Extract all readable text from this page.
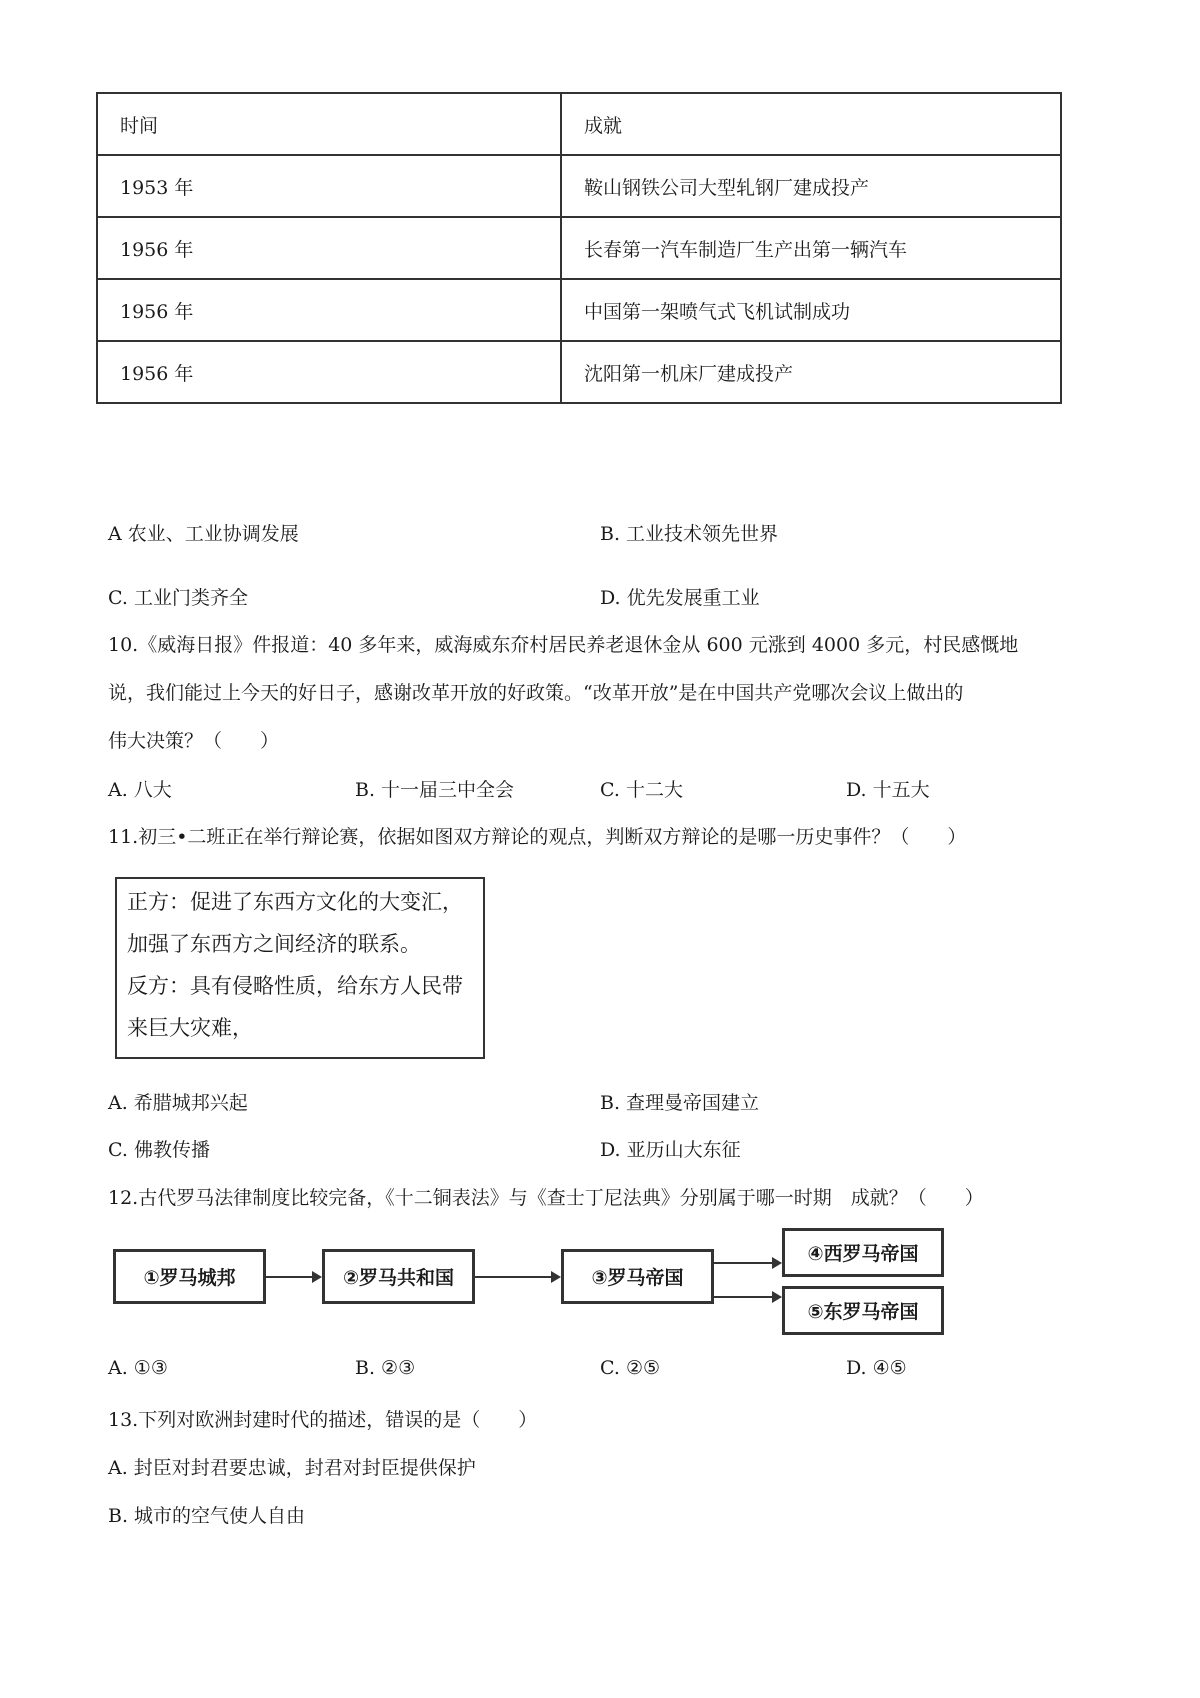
时间	成就
1953 年	鞍山钢铁公司大型轧钢厂建成投产
1956 年	长春第一汽车制造厂生产出第一辆汽车
1956 年	中国第一架喷气式飞机试制成功
1956 年	沈阳第一机床厂建成投产
A 农业、工业协调发展	B. 工业技术领先世界
C. 工业门类齐全	D. 优先发展重工业
10.《威海日报》件报道：40 多年来，威海威东夼村居民养老退休金从 600 元涨到 4000 多元，村民感慨地
说，我们能过上今天的好日子，感谢改革开放的好政策。“改革开放”是在中国共产党哪次会议上做出的
伟大决策？（　　）
A. 八大	B. 十一届三中全会	C. 十二大	D. 十五大
11.初三•二班正在举行辩论赛，依据如图双方辩论的观点，判断双方辩论的是哪一历史事件？（　　）
正方：促进了东西方文化的大变汇，
加强了东西方之间经济的联系。
反方：具有侵略性质，给东方人民带
来巨大灾难，
A. 希腊城邦兴起	B. 查理曼帝国建立
C. 佛教传播	D. 亚历山大东征
12.古代罗马法律制度比较完备，《十二铜表法》与《查士丁尼法典》分别属于哪一时期　成就？（　　）
①罗马城邦	②罗马共和国	③罗马帝国
④西罗马帝国
⑤东罗马帝国
A. ①③	B. ②③	C. ②⑤	D. ④⑤
13.下列对欧洲封建时代的描述，错误的是（　　）
A. 封臣对封君要忠诚，封君对封臣提供保护
B. 城市的空气使人自由
